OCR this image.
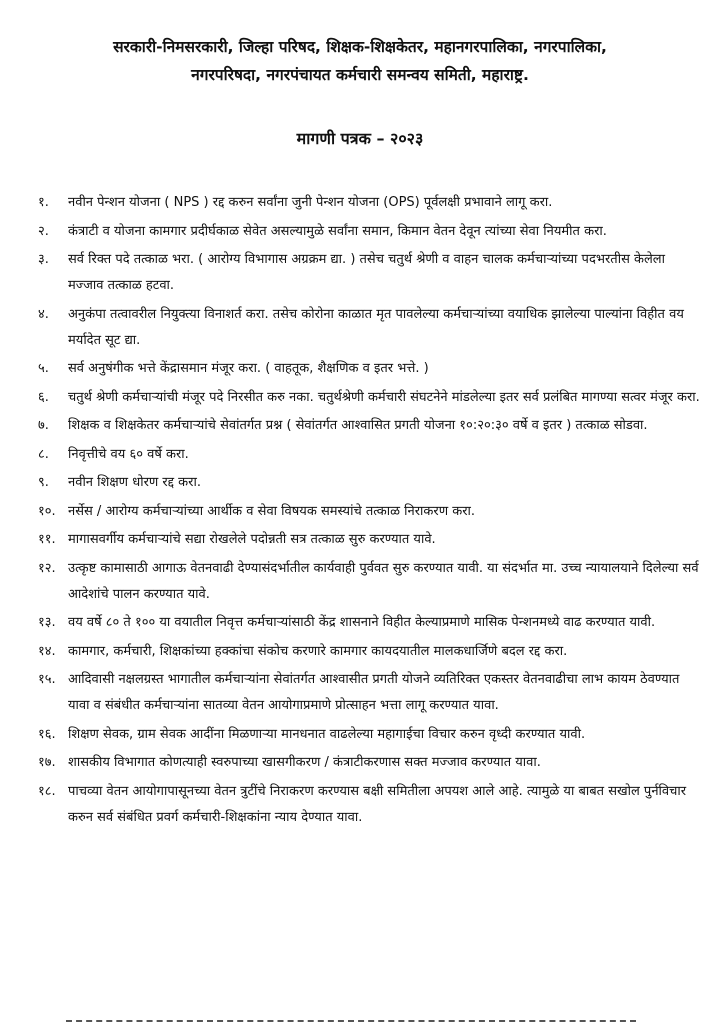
सरकारी-निमसरकारी, जिल्हा परिषद, शिक्षक-शिक्षकेतर, महानगरपालिका, नगरपालिका,
नगरपरिषदा, नगरपंचायत कर्मचारी समन्वय समिती, महाराष्ट्र.
मागणी पत्रक – २०२३
१.	नवीन पेन्शन योजना ( NPS ) रद्द करुन सर्वांना जुनी पेन्शन योजना (OPS) पूर्वलक्षी प्रभावाने लागू करा.
२.	कंत्राटी व योजना कामगार प्रदीर्घकाळ सेवेत असल्यामुळे सर्वांना समान, किमान वेतन देवून त्यांच्या सेवा नियमीत करा.
३.	सर्व रिक्त पदे तत्काळ भरा. ( आरोग्य विभागास अग्रक्रम द्या. ) तसेच चतुर्थ श्रेणी व वाहन चालक कर्मचाऱ्यांच्या पदभरतीस केलेला मज्जाव तत्काळ हटवा.
४.	अनुकंपा तत्वावरील नियुक्त्या विनाशर्त करा. तसेच कोरोना काळात मृत पावलेल्या कर्मचाऱ्यांच्या वयाधिक झालेल्या पाल्यांना विहीत वय मर्यादेत सूट द्या.
५.	सर्व अनुषंगीक भत्ते केंद्रासमान मंजूर करा. ( वाहतूक, शैक्षणिक व इतर भत्ते. )
६.	चतुर्थ श्रेणी कर्मचाऱ्यांची मंजूर पदे निरसीत करु नका. चतुर्थश्रेणी कर्मचारी संघटनेने मांडलेल्या इतर सर्व प्रलंबित मागण्या सत्वर मंजूर करा.
७.	शिक्षक व शिक्षकेतर कर्मचाऱ्यांचे सेवांतर्गत प्रश्न ( सेवांतर्गत आश्वासित प्रगती योजना १०:२०:३० वर्षे व इतर ) तत्काळ सोडवा.
८.	निवृत्तीचे वय ६० वर्षे करा.
९.	नवीन शिक्षण धोरण रद्द करा.
१०. नर्सेस / आरोग्य कर्मचाऱ्यांच्या आर्थीक व सेवा विषयक समस्यांचे तत्काळ निराकरण करा.
११. मागासवर्गीय कर्मचाऱ्यांचे सद्या रोखलेले पदोन्नती सत्र तत्काळ सुरु करण्यात यावे.
१२. उत्कृष्ट कामासाठी आगाऊ वेतनवाढी देण्यासंदर्भातील कार्यवाही पुर्ववत सुरु करण्यात यावी. या संदर्भात मा. उच्च न्यायालयाने दिलेल्या सर्व आदेशांचे पालन करण्यात यावे.
१३. वय वर्षे ८० ते १०० या वयातील निवृत्त कर्मचाऱ्यांसाठी केंद्र शासनाने विहीत केल्याप्रमाणे मासिक पेन्शनमध्ये वाढ करण्यात यावी.
१४. कामगार, कर्मचारी, शिक्षकांच्या हक्कांचा संकोच करणारे कामगार कायदयातील मालकधार्जिणे बदल रद्द करा.
१५. आदिवासी नक्षलग्रस्त भागातील कर्मचाऱ्यांना सेवांतर्गत आश्वासीत प्रगती योजने व्यतिरिक्त एकस्तर वेतनवाढीचा लाभ कायम ठेवण्यात यावा व संबंधीत कर्मचाऱ्यांना सातव्या वेतन आयोगाप्रमाणे प्रोत्साहन भत्ता लागू करण्यात यावा.
१६. शिक्षण सेवक, ग्राम सेवक आदींना मिळणाऱ्या मानधनात वाढलेल्या महागाईचा विचार करुन वृध्दी करण्यात यावी.
१७. शासकीय विभागात कोणत्याही स्वरुपाच्या खासगीकरण / कंत्राटीकरणास सक्त मज्जाव करण्यात यावा.
१८. पाचव्या वेतन आयोगापासूनच्या वेतन त्रुटींचे निराकरण करण्यास बक्षी समितीला अपयश आले आहे. त्यामुळे या बाबत सखोल पुर्नविचार करुन सर्व संबंधित प्रवर्ग कर्मचारी-शिक्षकांना न्याय देण्यात यावा.
